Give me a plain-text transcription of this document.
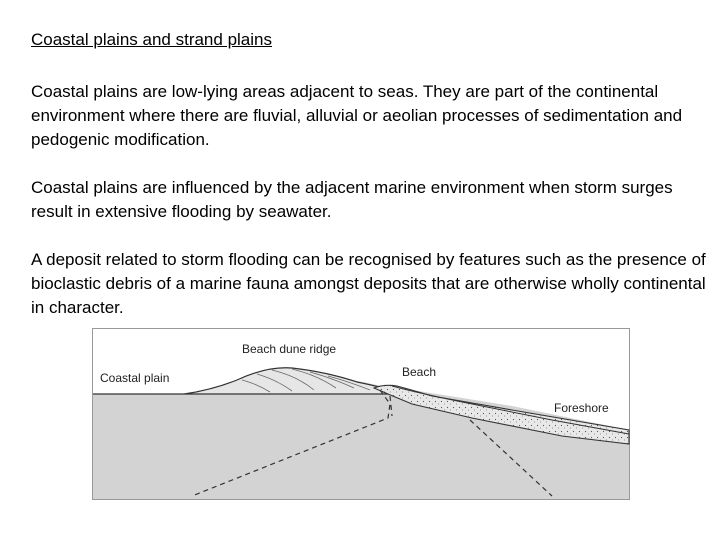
Coastal plains and strand plains

Coastal plains are low-lying areas adjacent to seas. They are part of the continental environment where there are fluvial, alluvial or aeolian processes of sedimentation and pedogenic modification.

Coastal plains are influenced by the adjacent marine environment when storm surges result in extensive flooding by seawater.

A deposit related to storm flooding can be recognised by features such as the presence of bioclastic debris of a marine fauna amongst deposits that are otherwise wholly continental in character.

Beach dune ridge
Coastal plain	Beach
Foreshore
